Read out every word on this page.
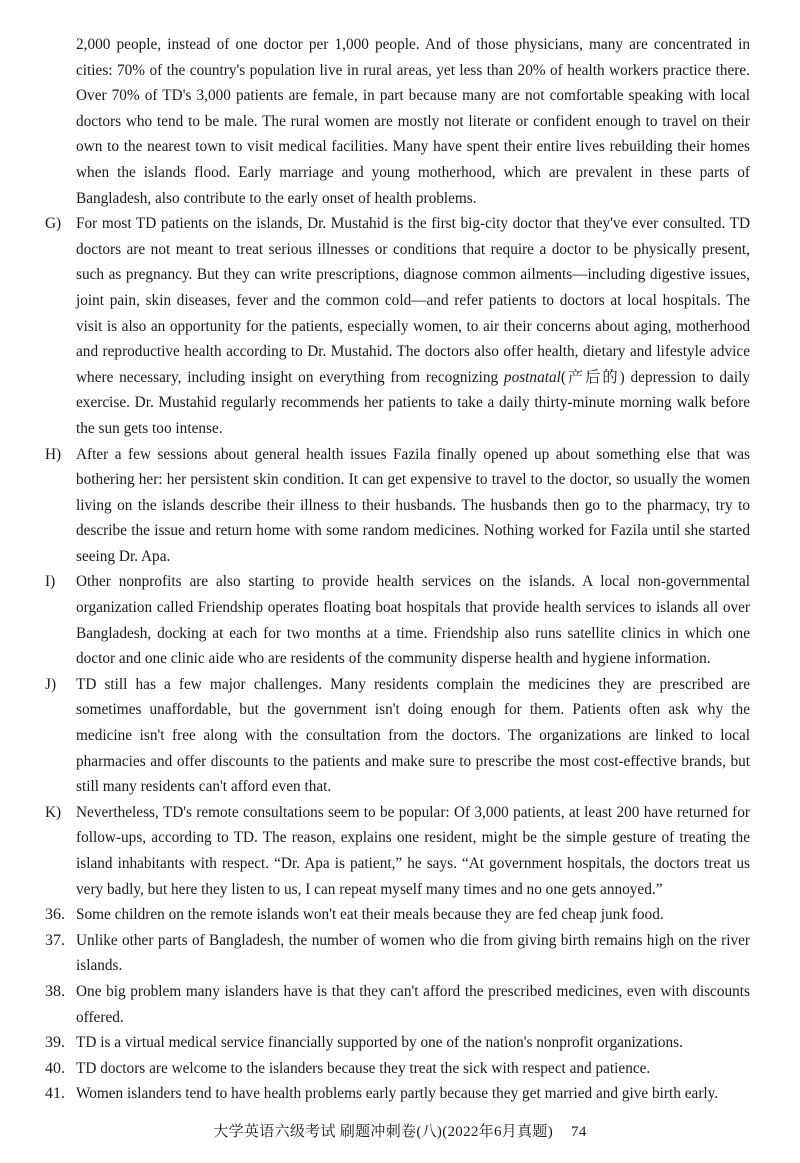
2,000 people, instead of one doctor per 1,000 people. And of those physicians, many are concentrated in cities: 70% of the country's population live in rural areas, yet less than 20% of health workers practice there. Over 70% of TD's 3,000 patients are female, in part because many are not comfortable speaking with local doctors who tend to be male. The rural women are mostly not literate or confident enough to travel on their own to the nearest town to visit medical facilities. Many have spent their entire lives rebuilding their homes when the islands flood. Early marriage and young motherhood, which are prevalent in these parts of Bangladesh, also contribute to the early onset of health problems.

G) For most TD patients on the islands, Dr. Mustahid is the first big-city doctor that they've ever consulted. TD doctors are not meant to treat serious illnesses or conditions that require a doctor to be physically present, such as pregnancy. But they can write prescriptions, diagnose common ailments—including digestive issues, joint pain, skin diseases, fever and the common cold—and refer patients to doctors at local hospitals. The visit is also an opportunity for the patients, especially women, to air their concerns about aging, motherhood and reproductive health according to Dr. Mustahid. The doctors also offer health, dietary and lifestyle advice where necessary, including insight on everything from recognizing postnatal(产后的) depression to daily exercise. Dr. Mustahid regularly recommends her patients to take a daily thirty-minute morning walk before the sun gets too intense.

H) After a few sessions about general health issues Fazila finally opened up about something else that was bothering her: her persistent skin condition. It can get expensive to travel to the doctor, so usually the women living on the islands describe their illness to their husbands. The husbands then go to the pharmacy, try to describe the issue and return home with some random medicines. Nothing worked for Fazila until she started seeing Dr. Apa.

I) Other nonprofits are also starting to provide health services on the islands. A local non-governmental organization called Friendship operates floating boat hospitals that provide health services to islands all over Bangladesh, docking at each for two months at a time. Friendship also runs satellite clinics in which one doctor and one clinic aide who are residents of the community disperse health and hygiene information.

J) TD still has a few major challenges. Many residents complain the medicines they are prescribed are sometimes unaffordable, but the government isn't doing enough for them. Patients often ask why the medicine isn't free along with the consultation from the doctors. The organizations are linked to local pharmacies and offer discounts to the patients and make sure to prescribe the most cost-effective brands, but still many residents can't afford even that.

K) Nevertheless, TD's remote consultations seem to be popular: Of 3,000 patients, at least 200 have returned for follow-ups, according to TD. The reason, explains one resident, might be the simple gesture of treating the island inhabitants with respect. “Dr. Apa is patient,” he says. “At government hospitals, the doctors treat us very badly, but here they listen to us, I can repeat myself many times and no one gets annoyed.”

36. Some children on the remote islands won't eat their meals because they are fed cheap junk food.

37. Unlike other parts of Bangladesh, the number of women who die from giving birth remains high on the river islands.

38. One big problem many islanders have is that they can't afford the prescribed medicines, even with discounts offered.

39. TD is a virtual medical service financially supported by one of the nation's nonprofit organizations.

40. TD doctors are welcome to the islanders because they treat the sick with respect and patience.

41. Women islanders tend to have health problems early partly because they get married and give birth early.

大学英语六级考试 刷题冲刺卷(八)(2022年6月真题) 74
